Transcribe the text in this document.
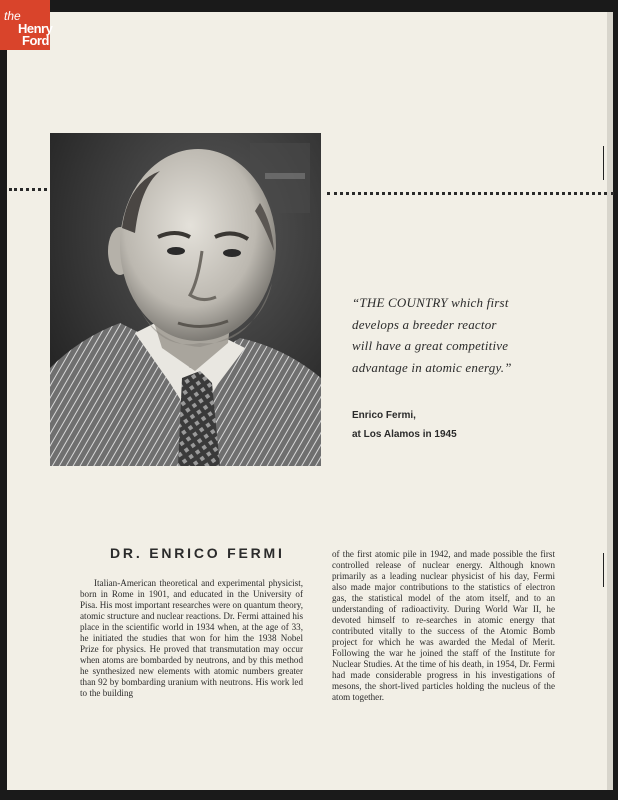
the
Henry
Ford
“THE COUNTRY which first
develops a breeder reactor
will have a great competitive
advantage in atomic energy.”
Enrico Fermi,
at Los Alamos in 1945
DR. ENRICO FERMI
Italian-American theoretical and experimental physicist, born in Rome in 1901, and educated in the University of Pisa. His most important researches were on quantum theory, atomic structure and nuclear reactions. Dr. Fermi attained his place in the scientific world in 1934 when, at the age of 33, he initiated the studies that won for him the 1938 Nobel Prize for physics. He proved that transmutation may occur when atoms are bombarded by neutrons, and by this method he synthesized new elements with atomic numbers greater than 92 by bombarding uranium with neutrons. His work led to the building
of the first atomic pile in 1942, and made possible the first controlled release of nuclear energy. Although known primarily as a leading nuclear physicist of his day, Fermi also made major contributions to the statistics of electron gas, the statistical model of the atom itself, and to an understanding of radioactivity. During World War II, he devoted himself to re-searches in atomic energy that contributed vitally to the success of the Atomic Bomb project for which he was awarded the Medal of Merit. Following the war he joined the staff of the Institute for Nuclear Studies. At the time of his death, in 1954, Dr. Fermi had made considerable progress in his investigations of mesons, the short-lived particles holding the nucleus of the atom together.
